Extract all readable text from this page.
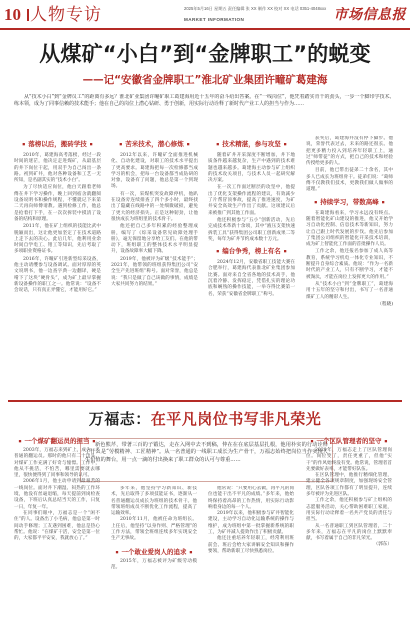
10 人物专访	2025年5月16日 星期五 责任编辑 张 XX 制作 XX 校对 XX 电话 0351-4048xxx
MARKET INFORMATION	市场信息报
从煤矿“小白”到“金牌职工”的蜕变
——记“安徽省金牌职工”淮北矿业集团许疃矿葛建海
从“技术小白”到“金牌员工”的距离有多远？淮北矿业集团许疃矿职工葛建海用近十五年的奋斗给出答案。在“一线岗位”，他凭着踏实肯干的劲头，一步一个脚印学技术、练本领，成为了同事信赖的技术能手；他在自己的岗位上潜心钻研、勇于创新，用实际行动诠释了新时代产业工人的担当与作为……
■ 落榜以后，搬砖学技 ■

2010年，葛建海高考落榜，经过一段时间的迷茫，他决定走进煤矿，从最基层的井下岗位干起，用双手为自己闯出一条路。初到矿井，他对各种设备和工艺一无所知，是名副其实的“技术小白”。

为了尽快适应岗位，他白天跟着老师傅在井下学习操作，晚上回到宿舍就翻阅设备说明书和操作规程，不懂就记下来第二天再向师傅请教。遇到检修工作，他总是抢着打下手，在一次次拆装中摸清了设备的结构和原理。

2011年，他在矿上组织的技能比武中脱颖而出，这让他更加坚定了在技术道路上走下去的决心。此后几年，他利用业余时间自学电工、钳工等知识，先后考取了多项职业资格证书。

2016年，许疃矿引进新型综采设备，他主动请缨参与设备调试。面对厚厚的英文说明书，他一边查字典一边翻译，硬是啃下了这块“硬骨头”，成为矿上最早掌握新设备操作的职工之一。他常说：“设备不会说话，只有真正弄懂它，才能用好它。”

■ 苦米技术，潜心修炼 ■

2012年以来，许疃矿全面推进机械化、自动化建设，对职工的技术水平提出了更高要求。葛建海把每一次检修都当成学习的机会，把每一台设备都当成钻研的对象，设备有了问题，他总是第一个到现场。

有一次，采煤机突发故障停机，他趴在设备旁连续排查了四个多小时，最终找出了隐藏在线路中的一处细微破损，避免了更大的经济损失。正是这种韧劲，让他很快成长为班组里的技术骨干。

他还把自己多年积累的经验整理成册，编写了《综采设备常见故障处理手册》，毫无保留地分享给工友们。在他的带动下，班组职工的整体技术水平明显提升，设备故障率大幅下降。

2019年，他被评为矿级“技术能手”；2021年，他带领的班组获得集团公司“安全生产先进班组”称号。面对荣誉，他总是说：“我只是做了自己该做的事情，成绩是大家共同努力的结果。”

■ 技术精湛，参与攻坚 ■

随着矿井开采深度不断增加，井下地质条件越来越复杂，生产中遇到的技术难题也越来越多。葛建海主动参与矿上组织的技术攻关项目，与技术人员一起研究解决方案。

在一次工作面过断层的攻坚中，他提出了优化支架操作流程的建议，有效减少了片帮冒顶事故，提高了推进速度，为矿井安全高效生产作出了贡献。这项建议后来被推广到其他工作面。

他还积极参与“五小”创新活动，先后完成技术革新十余项，其中“液压支架快速拆装工具”获得集团公司职工创新成果二等奖，每年为矿井节约成本数十万元。

■ 编台争秀，榜上有名 ■

2024年12月，安徽省职工技能大赛在合肥举行，葛建海代表淮北矿业集团参加比赛。面对来自全省各地的技术高手，他沉着冷静、发挥稳定，凭借扎实的理论功底和娴熟的操作技能，一举夺得比赛第一名，荣获“安徽省金牌职工”称号。

获奖后，葛建海并没有停下脚步。他说，荣誉代表过去，未来的路还很长。他把更多精力投入到培养年轻职工上，通过“师带徒”的方式，把自己的技术和经验传授给更多的人。

目前，他已带出徒弟二十余名，其中多人已成长为班组骨干。徒弟们说：“葛师傅不仅教我们技术，更教我们做人做事的道理。”

■ 持续学习，带数高峰 ■

在葛建海看来，学习永远没有终点。随着智能化矿山建设的推进，他又开始学习自动化控制、信息技术等新知识，努力让自己跟上时代发展的步伐。他先后参加了集团公司组织的智能化开采技术培训，成为矿上智能化工作面的首批操作人员。

工作之余，他还报名参加了成人高等教育，系统学习机电一体化专业知识，不断提升自身综合素质。他说：“作为一名新时代的产业工人，只有不断学习，才能不被淘汰，才能在岗位上发挥更大的作用。”

从“技术小白”到“金牌职工”，葛建海用十五年的坚守和付出，书写了一名普通煤矿工人的精彩人生。

（程晓)
万福志：在平凡岗位书写非凡荣光
新色熊芹，带著三百的子锻达，走在入网中去不到稿，仲在在在底层基层扎根，他用朴实的行动诠释了什么是“劳模精神、工匠精神”。从一名普通的一线职工成长为生产骨干，万福志始终把岗位当作实现人生价值的舞台，用一点一滴的付出换来了职工群众的认可与尊重……
■ 一个煤矿翻运员的担当 ■

2003年，万福志来到矿上，成为一名普通的翻运员。那时的他只有二十出头，对煤矿工作充满了好奇与憧憬。工作中，他从不挑活，不怕苦，哪里需要就去哪里，很快便得到了同事和领导的认可。

2006年1月，他主动申请到最艰苦的一线岗位。面对井下潮湿、闷热的工作环境，他没有丝毫退缩，每天提前到岗检查设备，下班后认真总结当天的工作，日复一日，年复一年。

在同事们眼中，万福志是一个“闲不住”的人。设备出了小毛病，他总是第一时间动手修理；工友遇到困难，他总是热心帮忙。他说：“在煤矿干活，安全是第一位的，大家都平平安安，我就放心了。”

多年来，他坚持学习新知识、新技术，先后取得了多项技能证书，逐渐从一名普通翻运员成长为班组的技术骨干。他带领班组成员不断优化工作流程，提高了运输效率。

2010年11月，他被任命为班组长。上任后，他坚持“以身作则、严格管理”的工作方法，带领全班组连续多年实现安全生产无事故。

■ 一个敢业爱岗人的追求 ■

2015年，万福志被评为矿级劳动模范。

他常说：“只要用心去做，再平凡的岗位也能干出不平凡的成绩。”多年来，他始终保持着高昂的工作热情，用实际行动影响着身边的每一个人。

2019年以来，他积极参与矿井智能化建设，主动学习自动化运输系统的操作与维护，成为班组中第一批掌握新系统的职工，为矿井减人提效作出了积极贡献。

他还注重培养年轻职工，经常利用班前会、班后会给大家讲解安全知识和操作要领，帮助新职工尽快熟悉岗位。

■ 一个区队管理者的坚守 ■

2020年，万福志走上了区队管理岗位。岗位变了，责任更重了，但他“实干”的作风始终没有变。他常说，管理者首先要做好表率，才能带好队伍。

在区队管理中，他推行精细化管理，建立健全各项规章制度，加强现场安全管理，区队各项工作都有了明显提升，连续多年被评为先进区队。

工作之余，他还积极参与矿上组织的志愿服务活动，关心帮助困难职工家庭，用实际行动诠释着一名共产党员的责任与担当。

从一名普通职工到区队管理者，二十多年来，万福志在平凡的岗位上默默奉献，书写着属于自己的非凡荣光。

（郭东）
